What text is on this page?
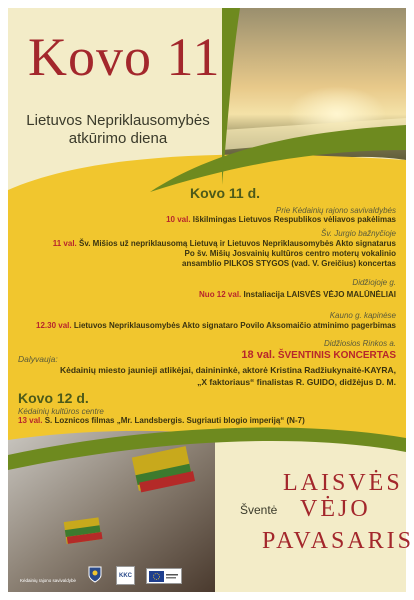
Kovo 11
Lietuvos Nepriklausomybės
atkūrimo diena
Kovo 11 d.
Prie Kėdainių rajono savivaldybės
10 val. Iškilmingas Lietuvos Respublikos vėliavos pakėlimas
Šv. Jurgio bažnyčioje
11 val. Šv. Mišios už nepriklausomą Lietuvą ir Lietuvos Nepriklausomybės Akto signatarus
Po šv. Mišių Josvainių kultūros centro moterų vokalinio
ansamblio PILKOS STYGOS (vad. V. Greičius) koncertas
Didžiojoje g.
Nuo 12 val. Instaliacija LAISVĖS VĖJO MALŪNĖLIAI
Kauno g. kapinėse
12.30 val. Lietuvos Nepriklausomybės Akto signataro Povilo Aksomaičio atminimo pagerbimas
Didžiosios Rinkos a.
18 val. ŠVENTINIS KONCERTAS
Dalyvauja:
Kėdainių miesto jaunieji atlikėjai, dainininkė, aktorė Kristina Radžiukynaitė-KAYRA,
„X faktoriaus“ finalistas R. GUIDO, didžėjus D. M.
Kovo 12 d.
Kėdainių kultūros centre
13 val. S. Loznicos filmas „Mr. Landsbergis. Sugriauti blogio imperiją“ (N-7)
LAISVĖS
Šventė VĖJO
PAVASARIS
Kėdainių rajono savivaldybė
KKC
